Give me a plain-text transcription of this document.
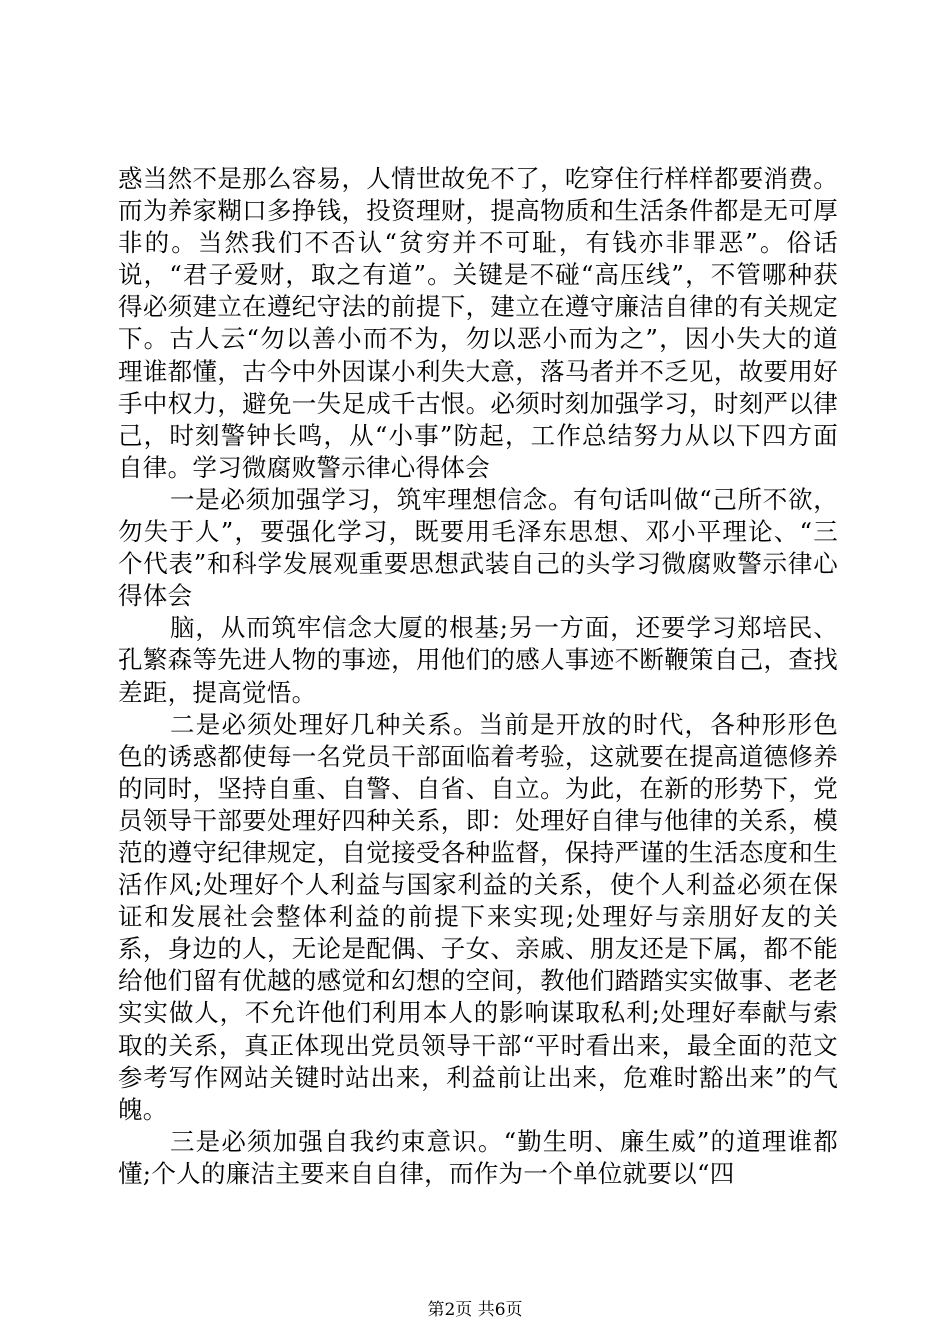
惑当然不是那么容易，人情世故免不了，吃穿住行样样都要消费。而为养家糊口多挣钱，投资理财，提高物质和生活条件都是无可厚非的。当然我们不否认“贫穷并不可耻，有钱亦非罪恶”。俗话说，“君子爱财，取之有道”。关键是不碰“高压线”，不管哪种获得必须建立在遵纪守法的前提下，建立在遵守廉洁自律的有关规定下。古人云“勿以善小而不为，勿以恶小而为之”，因小失大的道理谁都懂，古今中外因谋小利失大意，落马者并不乏见，故要用好手中权力，避免一失足成千古恨。必须时刻加强学习，时刻严以律己，时刻警钟长鸣，从“小事”防起，工作总结努力从以下四方面自律。学习微腐败警示律心得体会

一是必须加强学习，筑牢理想信念。有句话叫做“己所不欲，勿失于人”，要强化学习，既要用毛泽东思想、邓小平理论、“三个代表”和科学发展观重要思想武装自己的头学习微腐败警示律心得体会

脑，从而筑牢信念大厦的根基;另一方面，还要学习郑培民、孔繁森等先进人物的事迹，用他们的感人事迹不断鞭策自己，查找差距，提高觉悟。

二是必须处理好几种关系。当前是开放的时代，各种形形色色的诱惑都使每一名党员干部面临着考验，这就要在提高道德修养的同时，坚持自重、自警、自省、自立。为此，在新的形势下，党员领导干部要处理好四种关系，即：处理好自律与他律的关系，模范的遵守纪律规定，自觉接受各种监督，保持严谨的生活态度和生活作风;处理好个人利益与国家利益的关系，使个人利益必须在保证和发展社会整体利益的前提下来实现;处理好与亲朋好友的关系，身边的人，无论是配偶、子女、亲戚、朋友还是下属，都不能给他们留有优越的感觉和幻想的空间，教他们踏踏实实做事、老老实实做人，不允许他们利用本人的影响谋取私利;处理好奉献与索取的关系，真正体现出党员领导干部“平时看出来，最全面的范文参考写作网站关键时站出来，利益前让出来，危难时豁出来”的气魄。

三是必须加强自我约束意识。“勤生明、廉生威”的道理谁都懂;个人的廉洁主要来自自律，而作为一个单位就要以“四

第2页 共6页
